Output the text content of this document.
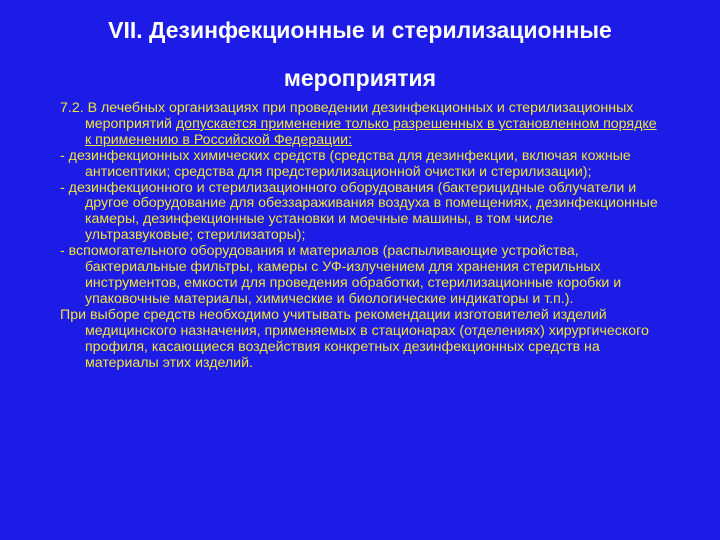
VII. Дезинфекционные и стерилизационные
мероприятия

7.2. В лечебных организациях при проведении дезинфекционных и стерилизационных мероприятий допускается применение только разрешенных в установленном порядке к применению в Российской Федерации:

- дезинфекционных химических средств (средства для дезинфекции, включая кожные антисептики; средства для предстерилизационной очистки и стерилизации);

- дезинфекционного и стерилизационного оборудования (бактерицидные облучатели и другое оборудование для обеззараживания воздуха в помещениях, дезинфекционные камеры, дезинфекционные установки и моечные машины, в том числе ультразвуковые; стерилизаторы);

- вспомогательного оборудования и материалов (распыливающие устройства, бактериальные фильтры, камеры с УФ-излучением для хранения стерильных инструментов, емкости для проведения обработки, стерилизационные коробки и упаковочные материалы, химические и биологические индикаторы и т.п.).

При выборе средств необходимо учитывать рекомендации изготовителей изделий медицинского назначения, применяемых в стационарах (отделениях) хирургического профиля, касающиеся воздействия конкретных дезинфекционных средств на материалы этих изделий.
